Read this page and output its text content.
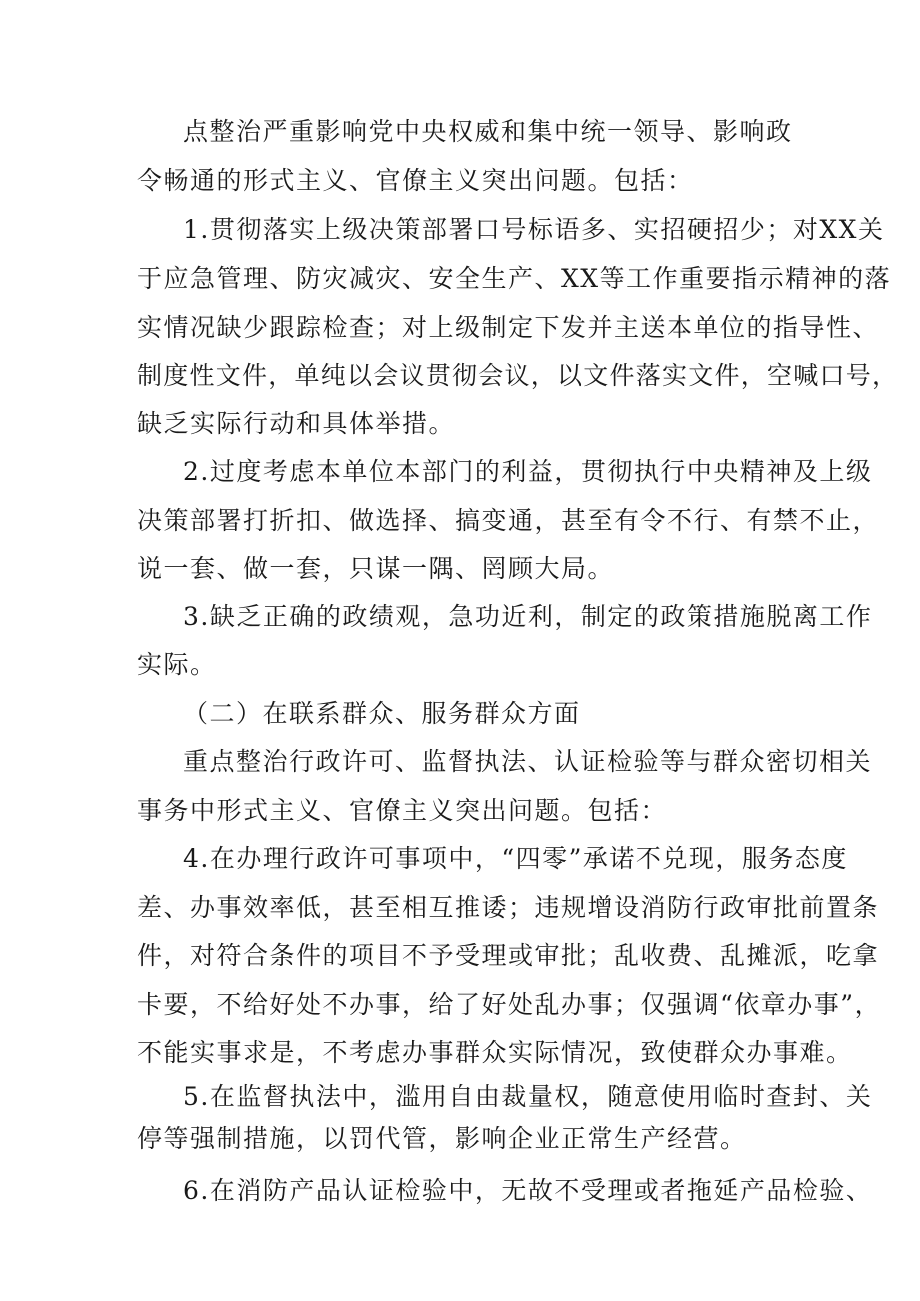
点整治严重影响党中央权威和集中统一领导、影响政

令畅通的形式主义、官僚主义突出问题。包括：

1.贯彻落实上级决策部署口号标语多、实招硬招少；对XX关

于应急管理、防灾减灾、安全生产、XX等工作重要指示精神的落

实情况缺少跟踪检查；对上级制定下发并主送本单位的指导性、

制度性文件，单纯以会议贯彻会议，以文件落实文件，空喊口号，

缺乏实际行动和具体举措。

2.过度考虑本单位本部门的利益，贯彻执行中央精神及上级

决策部署打折扣、做选择、搞变通，甚至有令不行、有禁不止，

说一套、做一套，只谋一隅、罔顾大局。

3.缺乏正确的政绩观，急功近利，制定的政策措施脱离工作

实际。

（二）在联系群众、服务群众方面

重点整治行政许可、监督执法、认证检验等与群众密切相关

事务中形式主义、官僚主义突出问题。包括：

4.在办理行政许可事项中，“四零”承诺不兑现，服务态度

差、办事效率低，甚至相互推诿；违规增设消防行政审批前置条

件，对符合条件的项目不予受理或审批；乱收费、乱摊派，吃拿

卡要，不给好处不办事，给了好处乱办事；仅强调“依章办事”，

不能实事求是，不考虑办事群众实际情况，致使群众办事难。

5.在监督执法中，滥用自由裁量权，随意使用临时查封、关

停等强制措施，以罚代管，影响企业正常生产经营。

6.在消防产品认证检验中，无故不受理或者拖延产品检验、
